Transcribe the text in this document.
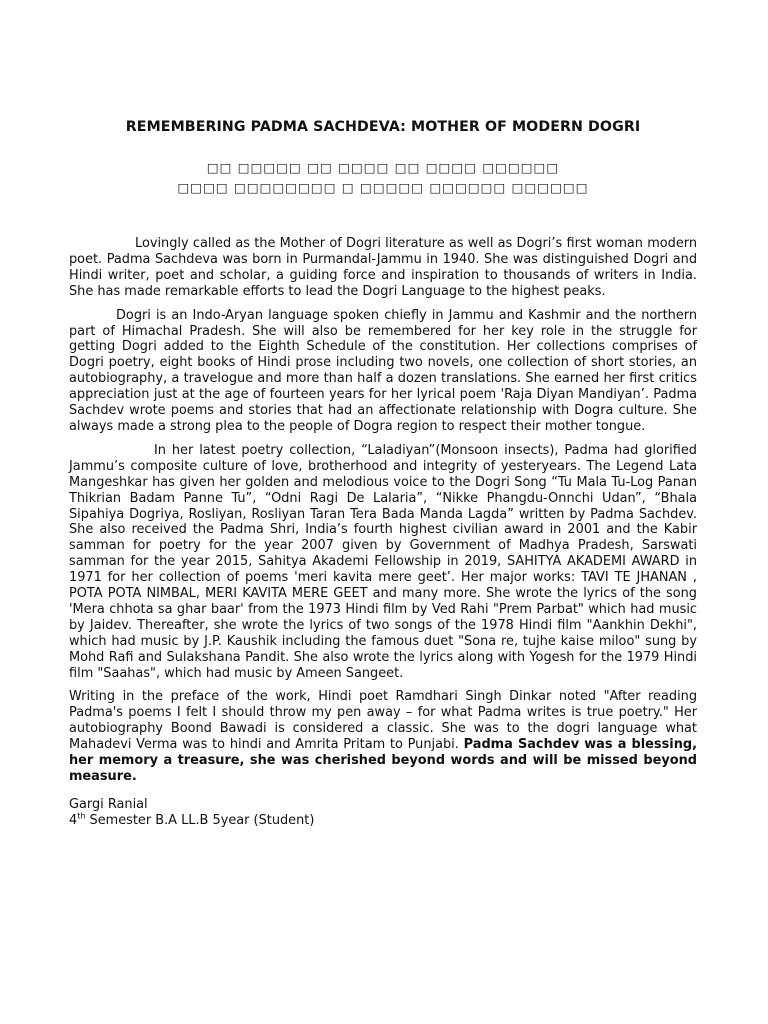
REMEMBERING PADMA SACHDEVA: MOTHER OF MODERN DOGRI
□□ □□□□□ □□ □□□□ □□ □□□□ □□□□□□
□□□□ □□□□□□□□ □ □□□□□ □□□□□□ □□□□□□

Lovingly called as the Mother of Dogri literature as well as Dogri’s first woman modern poet. Padma Sachdeva was born in Purmandal-Jammu in 1940. She was distinguished Dogri and Hindi writer, poet and scholar, a guiding force and inspiration to thousands of writers in India. She has made remarkable efforts to lead the Dogri Language to the highest peaks.

Dogri is an Indo-Aryan language spoken chiefly in Jammu and Kashmir and the northern part of Himachal Pradesh. She will also be remembered for her key role in the struggle for getting Dogri added to the Eighth Schedule of the constitution. Her collections comprises of Dogri poetry, eight books of Hindi prose including two novels, one collection of short stories, an autobiography, a travelogue and more than half a dozen translations. She earned her first critics appreciation just at the age of fourteen years for her lyrical poem 'Raja Diyan Mandiyan’. Padma Sachdev wrote poems and stories that had an affectionate relationship with Dogra culture. She always made a strong plea to the people of Dogra region to respect their mother tongue.

In her latest poetry collection, “Laladiyan”(Monsoon insects), Padma had glorified Jammu’s composite culture of love, brotherhood and integrity of yesteryears. The Legend Lata Mangeshkar has given her golden and melodious voice to the Dogri Song “Tu Mala Tu-Log Panan Thikrian Badam Panne Tu”, “Odni Ragi De Lalaria”, “Nikke Phangdu-Onnchi Udan”, “Bhala Sipahiya Dogriya, Rosliyan, Rosliyan Taran Tera Bada Manda Lagda” written by Padma Sachdev. She also received the Padma Shri, India’s fourth highest civilian award in 2001 and the Kabir samman for poetry for the year 2007 given by Government of Madhya Pradesh, Sarswati samman for the year 2015, Sahitya Akademi Fellowship in 2019, SAHITYA AKADEMI AWARD in 1971 for her collection of poems 'meri kavita mere geet’. Her major works: TAVI TE JHANAN , POTA POTA NIMBAL, MERI KAVITA MERE GEET and many more. She wrote the lyrics of the song 'Mera chhota sa ghar baar' from the 1973 Hindi film by Ved Rahi "Prem Parbat" which had music by Jaidev. Thereafter, she wrote the lyrics of two songs of the 1978 Hindi film "Aankhin Dekhi", which had music by J.P. Kaushik including the famous duet "Sona re, tujhe kaise miloo" sung by Mohd Rafi and Sulakshana Pandit. She also wrote the lyrics along with Yogesh for the 1979 Hindi film "Saahas", which had music by Ameen Sangeet.

Writing in the preface of the work, Hindi poet Ramdhari Singh Dinkar noted "After reading Padma's poems I felt I should throw my pen away – for what Padma writes is true poetry." Her autobiography Boond Bawadi is considered a classic. She was to the dogri language what Mahadevi Verma was to hindi and Amrita Pritam to Punjabi. Padma Sachdev was a blessing, her memory a treasure, she was cherished beyond words and will be missed beyond measure.

Gargi Ranial
4th Semester B.A LL.B 5year (Student)
